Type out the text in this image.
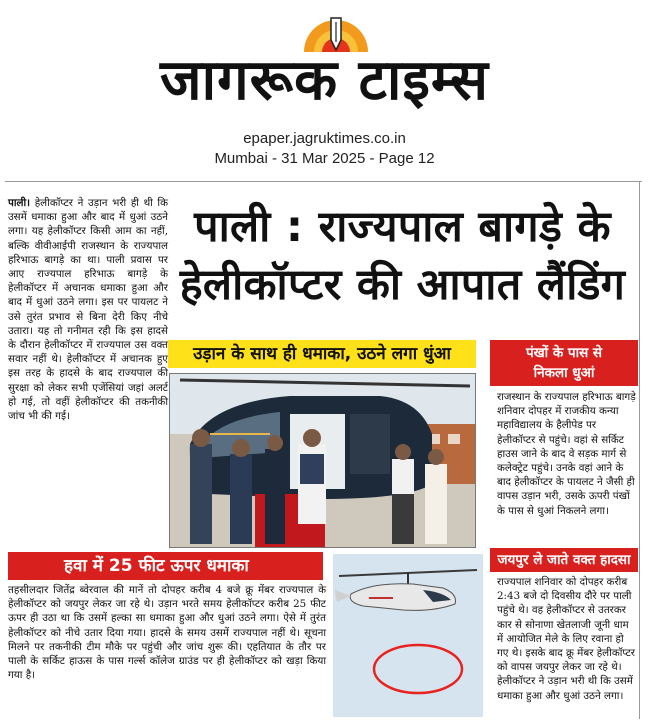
जागरूक टाइम्स
epaper.jagruktimes.co.in
Mumbai - 31 Mar 2025 - Page 12
पाली। हेलीकॉप्टर ने उड़ान भरी ही थी कि उसमें धमाका हुआ और बाद में धुआं उठने लगा। यह हेलीकॉप्टर किसी आम का नहीं, बल्कि वीवीआईपी राजस्थान के राज्यपाल हरिभाऊ बागड़े का था। पाली प्रवास पर आए राज्यपाल हरिभाऊ बागड़े के हेलीकॉप्टर में अचानक धमाका हुआ और बाद में धुआं उठने लगा। इस पर पायलट ने उसे तुरंत प्रभाव से बिना देरी किए नीचे उतारा। यह तो गनीमत रही कि इस हादसे के दौरान हेलीकॉप्टर में राज्यपाल उस वक्त सवार नहीं थे। हेलीकॉप्टर में अचानक हुए इस तरह के हादसे के बाद राज्यपाल की सुरक्षा को लेकर सभी एजेंसियां जहां अलर्ट हो गई, तो वहीं हेलीकॉप्टर की तकनीकी जांच भी की गई।
पाली : राज्यपाल बागड़े के
हेलीकॉप्टर की आपात लैंडिंग
उड़ान के साथ ही धमाका, उठने लगा धुंआ	पंखों के पास से
निकला धुआं
राजस्थान के राज्यपाल हरिभाऊ बागड़े शनिवार दोपहर में राजकीय कन्या महाविद्यालय के हैलीपेड पर हेलीकॉप्टर से पहुंचे। वहां से सर्किट हाउस जाने के बाद वे सड़क मार्ग से कलेक्ट्रेट पहुंचे। उनके वहां आने के बाद हेलीकॉप्टर के पायलट ने जैसी ही वापस उड़ान भरी, उसके ऊपरी पंखों के पास से धुआं निकलने लगा।
जयपुर ले जाते वक्त हादसा
राज्यपाल शनिवार को दोपहर करीब 2:43 बजे दो दिवसीय दौरे पर पाली पहुंचे थे। वह हेलीकॉप्टर से उतरकर कार से सोनाणा खेतलाजी जूनी धाम में आयोजित मेले के लिए रवाना हो गए थे। इसके बाद क्रू मेंबर हेलीकॉप्टर को वापस जयपुर लेकर जा रहे थे। हेलीकॉप्टर ने उड़ान भरी थी कि उसमें धमाका हुआ और धुआं उठने लगा।
हवा में 25 फीट ऊपर धमाका
तहसीलदार जितेंद्र ब्वेरवाल की मानें तो दोपहर करीब 4 बजे क्रू मेंबर राज्यपाल के हेलीकॉप्टर को जयपुर लेकर जा रहे थे। उड़ान भरते समय हेलीकॉप्टर करीब 25 फीट ऊपर ही उठा था कि उसमें हल्का सा धमाका हुआ और धुआं उठने लगा। ऐसे में तुरंत हेलीकॉप्टर को नीचे उतार दिया गया। हादसे के समय उसमें राज्यपाल नहीं थे। सूचना मिलने पर तकनीकी टीम मौके पर पहुंची और जांच शुरू की। एहतियात के तौर पर पाली के सर्किट हाऊस के पास गर्ल्स कॉलेज ग्राउंड पर ही हेलीकॉप्टर को खड़ा किया गया है।
